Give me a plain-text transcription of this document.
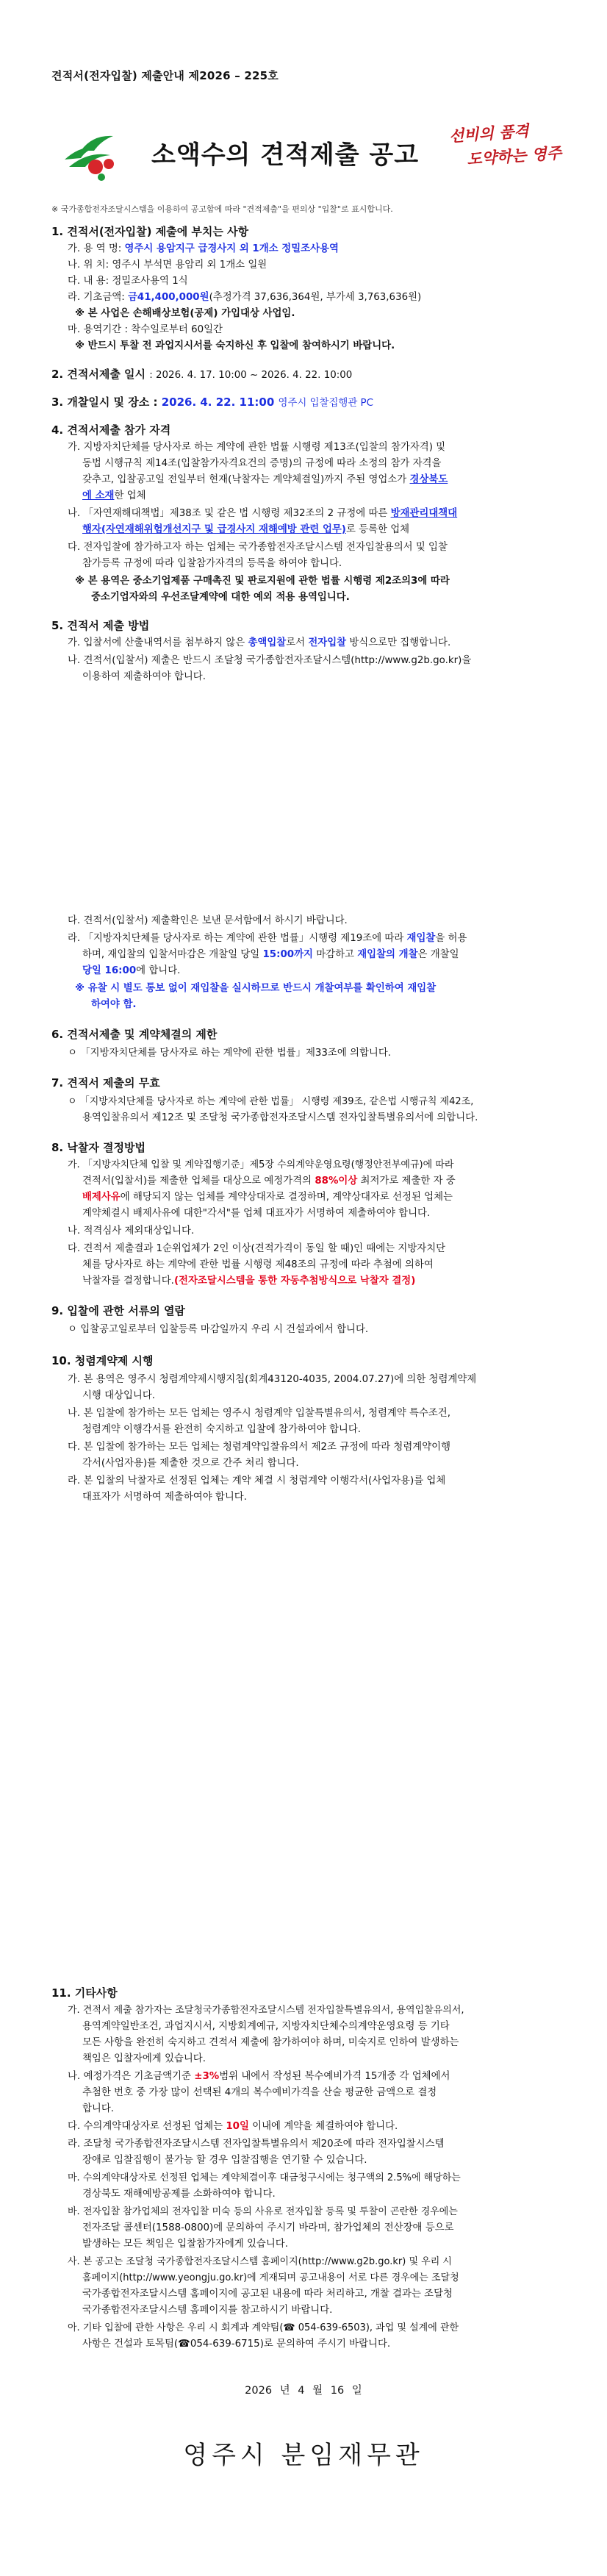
견적서(전자입찰) 제출안내 제2026 – 225호
소액수의 견적제출 공고
선비의 품격
도약하는 영주
※ 국가종합전자조달시스템을 이용하여 공고함에 따라 "견적제출"을 편의상 "입찰"로 표시합니다.
1. 견적서(전자입찰) 제출에 부치는 사항
가. 용 역 명: 영주시 용암지구 급경사지 외 1개소 정밀조사용역
나. 위 치: 영주시 부석면 용암리 외 1개소 일원
다. 내 용: 정밀조사용역 1식
라. 기초금액: 금41,400,000원(추정가격 37,636,364원, 부가세 3,763,636원)
※ 본 사업은 손해배상보험(공제) 가입대상 사업임.
마. 용역기간 : 착수일로부터 60일간
※ 반드시 투찰 전 과업지시서를 숙지하신 후 입찰에 참여하시기 바랍니다.
2. 견적서제출 일시 : 2026. 4. 17. 10:00 ~ 2026. 4. 22. 10:00
3. 개찰일시 및 장소 : 2026. 4. 22. 11:00 영주시 입찰집행관 PC
4. 견적서제출 참가 자격
가. 지방자치단체를 당사자로 하는 계약에 관한 법률 시행령 제13조(입찰의 참가자격) 및
동법 시행규칙 제14조(입찰참가자격요건의 증명)의 규정에 따라 소정의 참가 자격을
갖추고, 입찰공고일 전일부터 현재(낙찰자는 계약체결일)까지 주된 영업소가 경상북도
에 소재한 업체
나. 「자연재해대책법」제38조 및 같은 법 시행령 제32조의 2 규정에 따른 방재관리대책대
행자(자연재해위험개선지구 및 급경사지 재해예방 관련 업무)로 등록한 업체
다. 전자입찰에 참가하고자 하는 업체는 국가종합전자조달시스템 전자입찰용의서 및 입찰
참가등록 규정에 따라 입찰참가자격의 등록을 하여야 합니다.
※ 본 용역은 중소기업제품 구매촉진 및 판로지원에 관한 법률 시행령 제2조의3에 따라
중소기업자와의 우선조달계약에 대한 예외 적용 용역입니다.
5. 견적서 제출 방법
가. 입찰서에 산출내역서를 첨부하지 않은 총액입찰로서 전자입찰 방식으로만 집행합니다.
나. 견적서(입찰서) 제출은 반드시 조달청 국가종합전자조달시스템(http://www.g2b.go.kr)을
이용하여 제출하여야 합니다.
다. 견적서(입찰서) 제출확인은 보낸 문서함에서 하시기 바랍니다.
라. 「지방자치단체를 당사자로 하는 계약에 관한 법률」시행령 제19조에 따라 재입찰을 허용
하며, 재입찰의 입찰서마감은 개찰일 당일 15:00까지 마감하고 재입찰의 개찰은 개찰일
당일 16:00에 합니다.
※ 유찰 시 별도 통보 없이 재입찰을 실시하므로 반드시 개찰여부를 확인하여 재입찰
하여야 함.
6. 견적서제출 및 계약체결의 제한
ㅇ 「지방자치단체를 당사자로 하는 계약에 관한 법률」제33조에 의합니다.
7. 견적서 제출의 무효
ㅇ 「지방자치단체를 당사자로 하는 계약에 관한 법률」 시행령 제39조, 같은법 시행규칙 제42조,
용역입찰유의서 제12조 및 조달청 국가종합전자조달시스템 전자입찰특별유의서에 의합니다.
8. 낙찰자 결정방법
가. 「지방자치단체 입찰 및 계약집행기준」제5장 수의계약운영요령(행정안전부예규)에 따라
견적서(입찰서)를 제출한 업체를 대상으로 예정가격의 88%이상 최저가로 제출한 자 중
배제사유에 해당되지 않는 업체를 계약상대자로 결정하며, 계약상대자로 선정된 업체는
계약체결시 배제사유에 대한"각서"를 업체 대표자가 서명하여 제출하여야 합니다.
나. 적격심사 제외대상입니다.
다. 견적서 제출결과 1순위업체가 2인 이상(견적가격이 동일 할 때)인 때에는 지방자치단
체를 당사자로 하는 계약에 관한 법률 시행령 제48조의 규정에 따라 추첨에 의하여
낙찰자를 결정합니다.(전자조달시스템을 통한 자동추첨방식으로 낙찰자 결정)
9. 입찰에 관한 서류의 열람
ㅇ 입찰공고일로부터 입찰등록 마감일까지 우리 시 건설과에서 합니다.
10. 청렴계약제 시행
가. 본 용역은 영주시 청렴계약제시행지침(회계43120-4035, 2004.07.27)에 의한 청렴계약제
시행 대상입니다.
나. 본 입찰에 참가하는 모든 업체는 영주시 청렴계약 입찰특별유의서, 청렴계약 특수조건,
청렴계약 이행각서를 완전히 숙지하고 입찰에 참가하여야 합니다.
다. 본 입찰에 참가하는 모든 업체는 청렴계약입찰유의서 제2조 규정에 따라 청렴계약이행
각서(사업자용)를 제출한 것으로 간주 처리 합니다.
라. 본 입찰의 낙찰자로 선정된 업체는 계약 체결 시 청렴계약 이행각서(사업자용)를 업체
대표자가 서명하여 제출하여야 합니다.
11. 기타사항
가. 견적서 제출 참가자는 조달청국가종합전자조달시스템 전자입찰특별유의서, 용역입찰유의서,
용역계약일반조건, 과업지시서, 지방회계예규, 지방자치단체수의계약운영요령 등 기타
모든 사항을 완전히 숙지하고 견적서 제출에 참가하여야 하며, 미숙지로 인하여 발생하는
책임은 입찰자에게 있습니다.
나. 예정가격은 기초금액기준 ±3%범위 내에서 작성된 복수예비가격 15개중 각 업체에서
추첨한 번호 중 가장 많이 선택된 4개의 복수예비가격을 산술 평균한 금액으로 결정
합니다.
다. 수의계약대상자로 선정된 업체는 10일 이내에 계약을 체결하여야 합니다.
라. 조달청 국가종합전자조달시스템 전자입찰특별유의서 제20조에 따라 전자입찰시스템
장애로 입찰집행이 불가능 할 경우 입찰집행을 연기할 수 있습니다.
마. 수의계약대상자로 선정된 업체는 계약체결이후 대금청구시에는 청구액의 2.5%에 해당하는
경상북도 재해예방공제를 소화하여야 합니다.
바. 전자입찰 참가업체의 전자입찰 미숙 등의 사유로 전자입찰 등록 및 투찰이 곤란한 경우에는
전자조달 콜센터(1588-0800)에 문의하여 주시기 바라며, 참가업체의 전산장애 등으로
발생하는 모든 책임은 입찰참가자에게 있습니다.
사. 본 공고는 조달청 국가종합전자조달시스템 홈페이지(http://www.g2b.go.kr) 및 우리 시
홈페이지(http://www.yeongju.go.kr)에 게재되며 공고내용이 서로 다른 경우에는 조달청
국가종합전자조달시스템 홈페이지에 공고된 내용에 따라 처리하고, 개찰 결과는 조달청
국가종합전자조달시스템 홈페이지를 참고하시기 바랍니다.
아. 기타 입찰에 관한 사항은 우리 시 회계과 계약팀(☎ 054-639-6503), 과업 및 설계에 관한
사항은 건설과 토목팀(☎054-639-6715)로 문의하여 주시기 바랍니다.
2026 년 4 월 16 일
영주시 분임재무관
